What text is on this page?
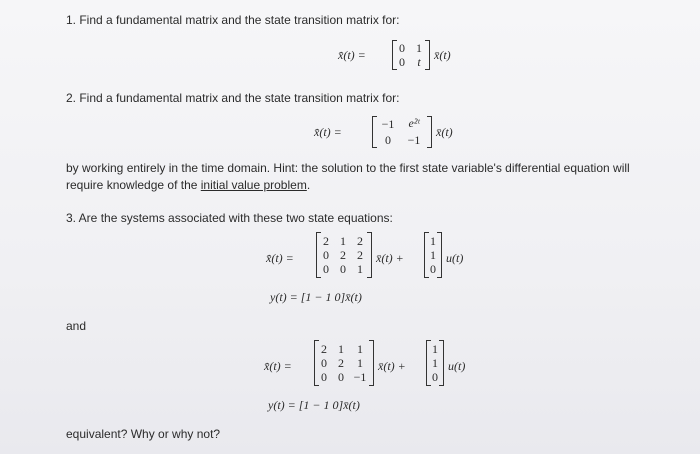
1. Find a fundamental matrix and the state transition matrix for:
x̄̇(t) =	0 1
0	t	x̄(t)
2. Find a fundamental matrix and the state transition matrix for:
x̄̇(t) =
−1	e²ᵗ
0	−1
x̄(t)
by working entirely in the time domain. Hint: the solution to the first state variable's differential equation will
require knowledge of the initial value problem.
3. Are the systems associated with these two state equations:
x̄̇(t) =
2 1 2
0 2 2
0 0 1
x̄(t) +
1
1
0
u(t)
y(t) = [1 − 1 0]x̄(t)
and
x̄̇(t) =
2 1	1
0 2	1
0 0 −1
x̄(t) +
1
1
0
u(t)
y(t) = [1 − 1 0]x̄(t)
equivalent? Why or why not?
